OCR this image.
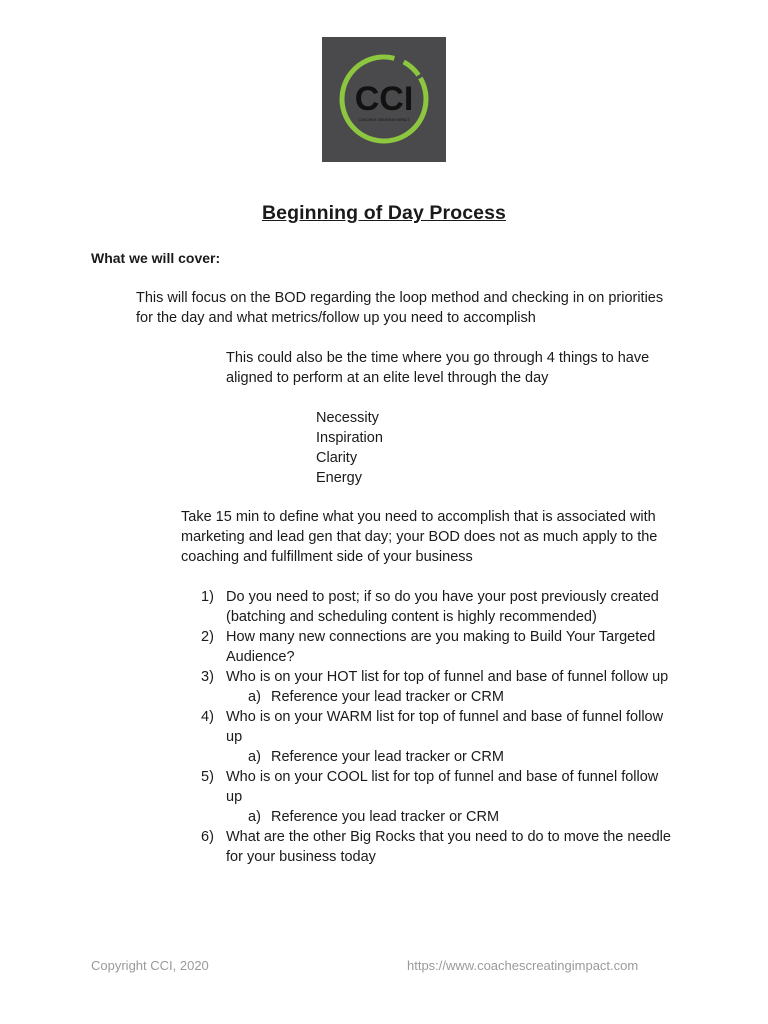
CCI
COACHES CREATING IMPACT
Beginning of Day Process
What we will cover:

This will focus on the BOD regarding the loop method and checking in on priorities for the day and what metrics/follow up you need to accomplish

This could also be the time where you go through 4 things to have aligned to perform at an elite level through the day

Necessity
Inspiration
Clarity
Energy

Take 15 min to define what you need to accomplish that is associated with marketing and lead gen that day; your BOD does not as much apply to the coaching and fulfillment side of your business

1) Do you need to post; if so do you have your post previously created (batching and scheduling content is highly recommended)
2) How many new connections are you making to Build Your Targeted Audience?
3) Who is on your HOT list for top of funnel and base of funnel follow up
a) Reference your lead tracker or CRM
4) Who is on your WARM list for top of funnel and base of funnel follow up
a) Reference your lead tracker or CRM
5) Who is on your COOL list for top of funnel and base of funnel follow up
a) Reference you lead tracker or CRM
6) What are the other Big Rocks that you need to do to move the needle for your business today
Copyright CCI, 2020	https://www.coachescreatingimpact.com
